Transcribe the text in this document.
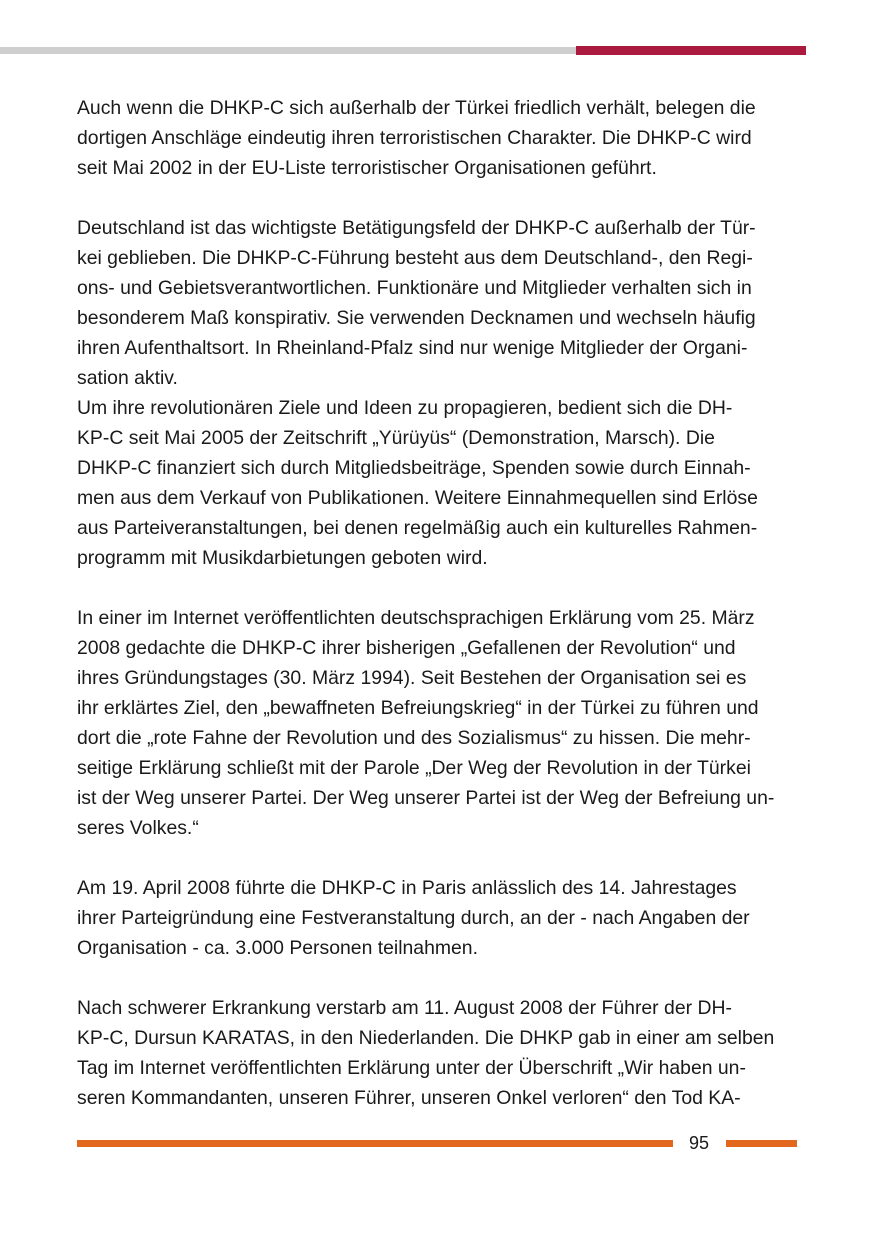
Auch wenn die DHKP-C sich außerhalb der Türkei friedlich verhält, belegen die
dortigen Anschläge eindeutig ihren terroristischen Charakter. Die DHKP-C wird
seit Mai 2002 in der EU-Liste terroristischer Organisationen geführt.

Deutschland ist das wichtigste Betätigungsfeld der DHKP-C außerhalb der Tür-
kei geblieben. Die DHKP-C-Führung besteht aus dem Deutschland-, den Regi-
ons- und Gebietsverantwortlichen. Funktionäre und Mitglieder verhalten sich in
besonderem Maß konspirativ. Sie verwenden Decknamen und wechseln häufig
ihren Aufenthaltsort. In Rheinland-Pfalz sind nur wenige Mitglieder der Organi-
sation aktiv.

Um ihre revolutionären Ziele und Ideen zu propagieren, bedient sich die DH-
KP-C seit Mai 2005 der Zeitschrift „Yürüyüs“ (Demonstration, Marsch). Die
DHKP-C finanziert sich durch Mitgliedsbeiträge, Spenden sowie durch Einnah-
men aus dem Verkauf von Publikationen. Weitere Einnahmequellen sind Erlöse
aus Parteiveranstaltungen, bei denen regelmäßig auch ein kulturelles Rahmen-
programm mit Musikdarbietungen geboten wird.

In einer im Internet veröffentlichten deutschsprachigen Erklärung vom 25. März
2008 gedachte die DHKP-C ihrer bisherigen „Gefallenen der Revolution“ und
ihres Gründungstages (30. März 1994). Seit Bestehen der Organisation sei es
ihr erklärtes Ziel, den „bewaffneten Befreiungskrieg“ in der Türkei zu führen und
dort die „rote Fahne der Revolution und des Sozialismus“ zu hissen. Die mehr-
seitige Erklärung schließt mit der Parole „Der Weg der Revolution in der Türkei
ist der Weg unserer Partei. Der Weg unserer Partei ist der Weg der Befreiung un-
seres Volkes.“

Am 19. April 2008 führte die DHKP-C in Paris anlässlich des 14. Jahrestages
ihrer Parteigründung eine Festveranstaltung durch, an der - nach Angaben der
Organisation - ca. 3.000 Personen teilnahmen.

Nach schwerer Erkrankung verstarb am 11. August 2008 der Führer der DH-
KP-C, Dursun KARATAS, in den Niederlanden. Die DHKP gab in einer am selben
Tag im Internet veröffentlichten Erklärung unter der Überschrift „Wir haben un-
seren Kommandanten, unseren Führer, unseren Onkel verloren“ den Tod KA-

95
